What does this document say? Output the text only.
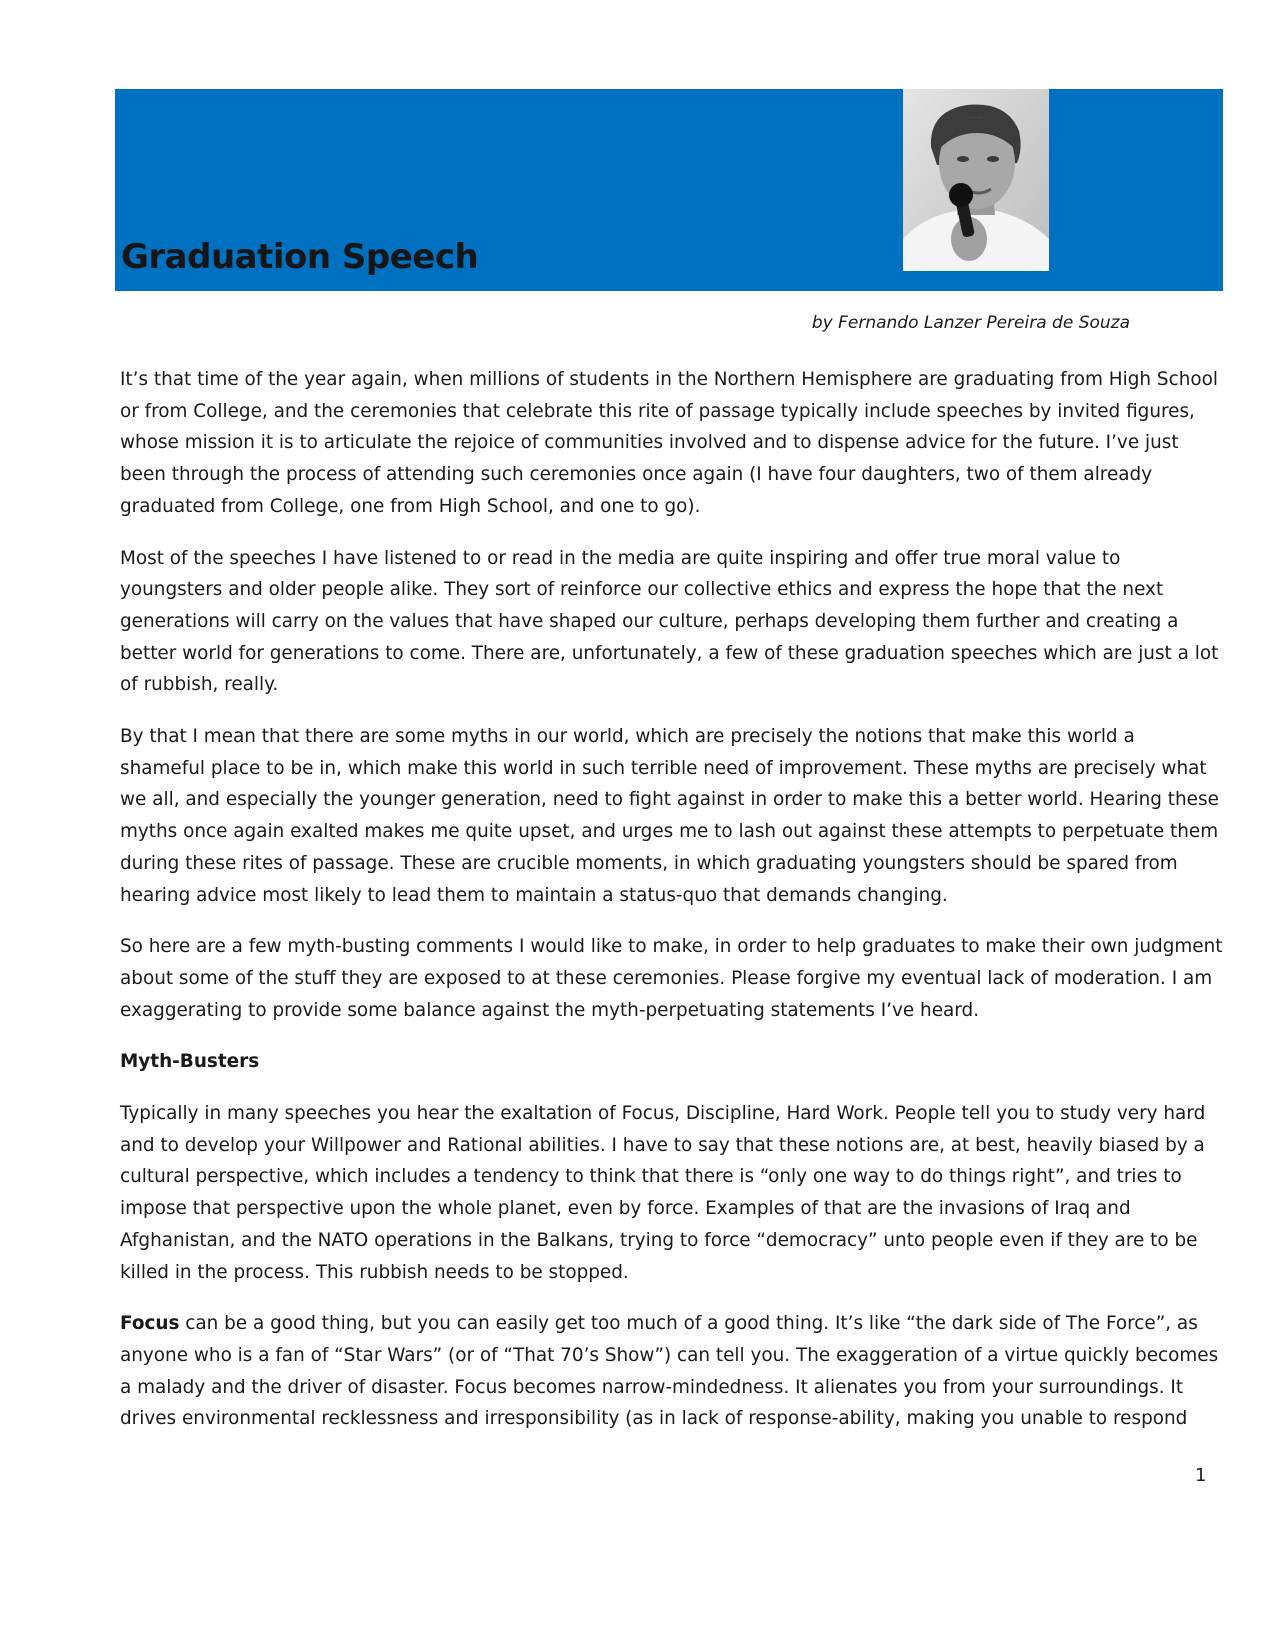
Graduation Speech
by Fernando Lanzer Pereira de Souza

It’s that time of the year again, when millions of students in the Northern Hemisphere are graduating from High School or from College, and the ceremonies that celebrate this rite of passage typically include speeches by invited figures, whose mission it is to articulate the rejoice of communities involved and to dispense advice for the future. I’ve just been through the process of attending such ceremonies once again (I have four daughters, two of them already graduated from College, one from High School, and one to go).

Most of the speeches I have listened to or read in the media are quite inspiring and offer true moral value to youngsters and older people alike. They sort of reinforce our collective ethics and express the hope that the next generations will carry on the values that have shaped our culture, perhaps developing them further and creating a better world for generations to come. There are, unfortunately, a few of these graduation speeches which are just a lot of rubbish, really.

By that I mean that there are some myths in our world, which are precisely the notions that make this world a shameful place to be in, which make this world in such terrible need of improvement. These myths are precisely what we all, and especially the younger generation, need to fight against in order to make this a better world. Hearing these myths once again exalted makes me quite upset, and urges me to lash out against these attempts to perpetuate them during these rites of passage. These are crucible moments, in which graduating youngsters should be spared from hearing advice most likely to lead them to maintain a status-quo that demands changing.

So here are a few myth-busting comments I would like to make, in order to help graduates to make their own judgment about some of the stuff they are exposed to at these ceremonies. Please forgive my eventual lack of moderation. I am exaggerating to provide some balance against the myth-perpetuating statements I’ve heard.

Myth-Busters

Typically in many speeches you hear the exaltation of Focus, Discipline, Hard Work. People tell you to study very hard and to develop your Willpower and Rational abilities. I have to say that these notions are, at best, heavily biased by a cultural perspective, which includes a tendency to think that there is “only one way to do things right”, and tries to impose that perspective upon the whole planet, even by force. Examples of that are the invasions of Iraq and Afghanistan, and the NATO operations in the Balkans, trying to force “democracy” unto people even if they are to be killed in the process. This rubbish needs to be stopped.

Focus can be a good thing, but you can easily get too much of a good thing. It’s like “the dark side of The Force”, as anyone who is a fan of “Star Wars” (or of “That 70’s Show”) can tell you. The exaggeration of a virtue quickly becomes a malady and the driver of disaster. Focus becomes narrow-mindedness. It alienates you from your surroundings. It drives environmental recklessness and irresponsibility (as in lack of response-ability, making you unable to respond

1
